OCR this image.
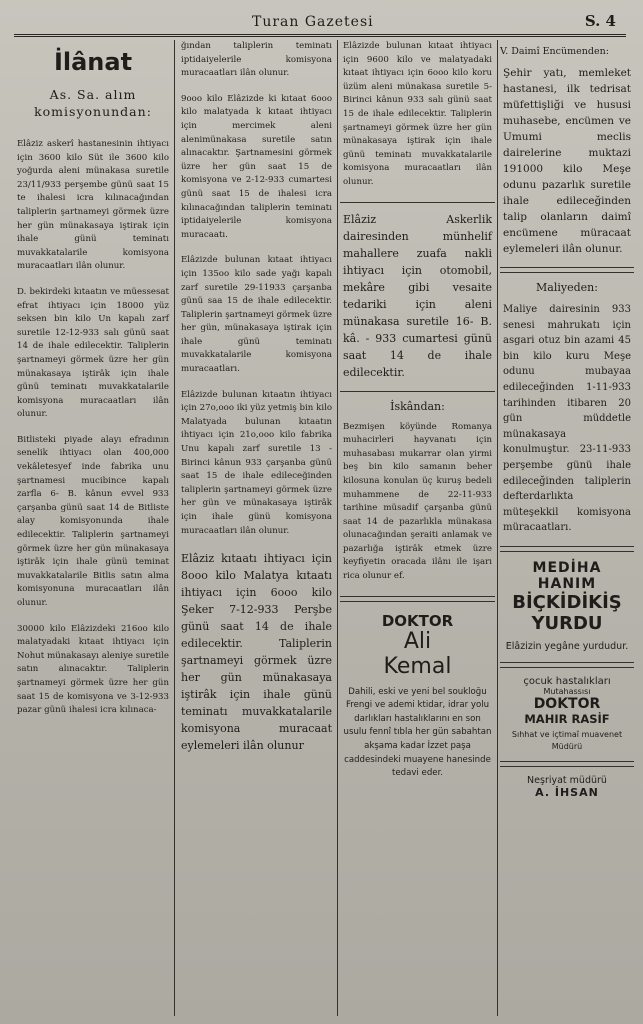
Turan Gazetesi	S. 4
İlânat
As. Sa. alım komisyonundan:

Elâziz askerî hastanesinin ihtiyacı için 3600 kilo Süt ile 3600 kilo yoğurda aleni münakasa suretile 23/11/933 perşembe günü saat 15 te ihalesi icra kılınacağından taliplerin şartnameyi görmek üzre her gün münakasaya iştirak için ihale günü teminatı muvakkatalarile komisyona muracaatları ilân olunur.

D. bekirdeki kıtaatın ve müessesat efrat ihtiyacı için 18000 yüz seksen bin kilo Un kapalı zarf suretile 12-12-933 salı günü saat 14 de ihale edilecektir. Taliplerin şartnameyi görmek üzre her gün münakasaya iştirâk için ihale günü teminatı muvakkatalarile komisyona muracaatları ilân olunur.

Bitlisteki piyade alayı efradının senelik ihtiyacı olan 400,000 vekâletesyef inde fabrika unu şartnamesi mucibince kapalı zarfla 6- B. kânun evvel 933 çarşanba günü saat 14 de Bitliste alay komisyonunda ihale edilecektir. Taliplerin şartnameyi görmek üzre her gün münakasaya iştirâk için ihale günü teminat muvakkatalarile Bitlis satın alma komisyonuna muracaatları ilân olunur.

30000 kilo Elâzizdeki 216oo kilo malatyadaki kıtaat ihtiyacı için Nohut münakasayı aleniye suretile satın alınacaktır. Taliplerin şartnameyi görmek üzre her gün saat 15 de komisyona ve 3-12-933 pazar günü ihalesi icra kılınaca-

ğından taliplerin teminatı iptidaiyelerile komisyona muracaatları ilân olunur.

9ooo kilo Elâzizde ki kıtaat 6ooo kilo malatyada k kıtaat ihtiyacı için mercimek aleni alenimünakasa suretile satın alınacaktır. Şartnamesini görmek üzre her gün saat 15 de komisyona ve 2-12-933 cumartesi günü saat 15 de ihalesi icra kılınacağından taliplerin teminatı iptidaiyelerile komisyona muracaatı.

Elâzizde bulunan kıtaat ihtiyacı için 135oo kilo sade yağı kapalı zarf suretile 29-11933 çarşanba günü saa 15 de ihale edilecektir. Taliplerin şartnameyi görmek üzre her gün, münakasaya iştirak için ihale günü teminatı muvakkatalarile komisyona muracaatları.

Elâzizde bulunan kıtaatın ihtiyacı için 27o,ooo iki yüz yetmiş bin kilo Malatyada bulunan kıtaatın ihtiyacı için 21o,ooo kilo fabrika Unu kapalı zarf suretile 13 - Birinci kânun 933 çarşanba günü saat 15 de ihale edileceğinden taliplerin şartnameyi görmek üzre her gün ve münakasaya iştirâk için ihale günü komisyona muracaatları ilân olunur.

Elâziz kıtaatı ihtiyacı için 8ooo kilo Malatya kıtaatı ihtiyacı için 6ooo kilo Şeker 7-12-933 Perşbe günü saat 14 de ihale edilecektir. Taliplerin şartnameyi görmek üzre her gün münakasaya iştirâk için ihale günü teminatı muvakkatalarile komisyona muracaat eylemeleri ilân olunur

Elâzizde bulunan kıtaat ihtiyacı için 9600 kilo ve malatyadaki kıtaat ihtiyacı için 6ooo kilo koru üzüm aleni münakasa suretile 5- Birinci kânun 933 salı günü saat 15 de ihale edilecektir. Taliplerin şartnameyi görmek üzre her gün münakasaya iştirak için ihale günü teminatı muvakkatalarile komisyona muracaatları ilân olunur.

Elâziz Askerlik dairesinden münhelif mahallere zuafa nakli ihtiyacı için otomobil, mekâre gibi vesaite tedariki için aleni münakasa suretile 16- B. kâ. - 933 cumartesi günü saat 14 de ihale edilecektir.

İskândan:

Bezmişen köyünde Romanya muhacirleri hayvanatı için muhasabası mukarrar olan yirmi beş bin kilo samanın beher kilosuna konulan üç kuruş bedeli muhammene de 22-11-933 tarihine müsadif çarşanba günü saat 14 de pazarlıkla münakasa olunacağından şeraiti anlamak ve pazarlığa iştirâk etmek üzre keyfiyetin oracada ilânı ile işarı rica olunur ef.

DOKTOR
Ali
Kemal

Dahili, eski ve yeni bel soukloğu Frengi ve ademi ktidar, idrar yolu darlıkları hastalıklarını en son usulu fennî tıbla her gün sabahtan akşama kadar İzzet paşa caddesindeki muayene hanesinde tedavi eder.

V. Daimî Encümenden:

Şehir yatı, memleket hastanesi, ilk tedrisat müfettişliği ve hususi muhasebe, encümen ve Umumi meclis dairelerine muktazi 191000 kilo Meşe odunu pazarlık suretile ihale edileceğinden talip olanların daimî encümene müracaat eylemeleri ilân olunur.

Maliyeden:

Maliye dairesinin 933 senesi mahrukatı için asgari otuz bin azami 45 bin kilo kuru Meşe odunu mubayaa edileceğinden 1-11-933 tarihinden itibaren 20 gün müddetle münakasaya konulmuştur. 23-11-933 perşembe günü ihale edileceğinden taliplerin defterdarlıkta müteşekkil komisyona müracaatları.

MEDİHA
HANIM
BİÇKİDİKİŞ
YURDU
Elâzizin yegâne yurdudur.
çocuk hastalıkları
Mutahassısı
DOKTOR
MAHIR RASİF
Sıhhat ve içtimaî muavenet Müdürü
Neşriyat müdürü
A. İHSAN
